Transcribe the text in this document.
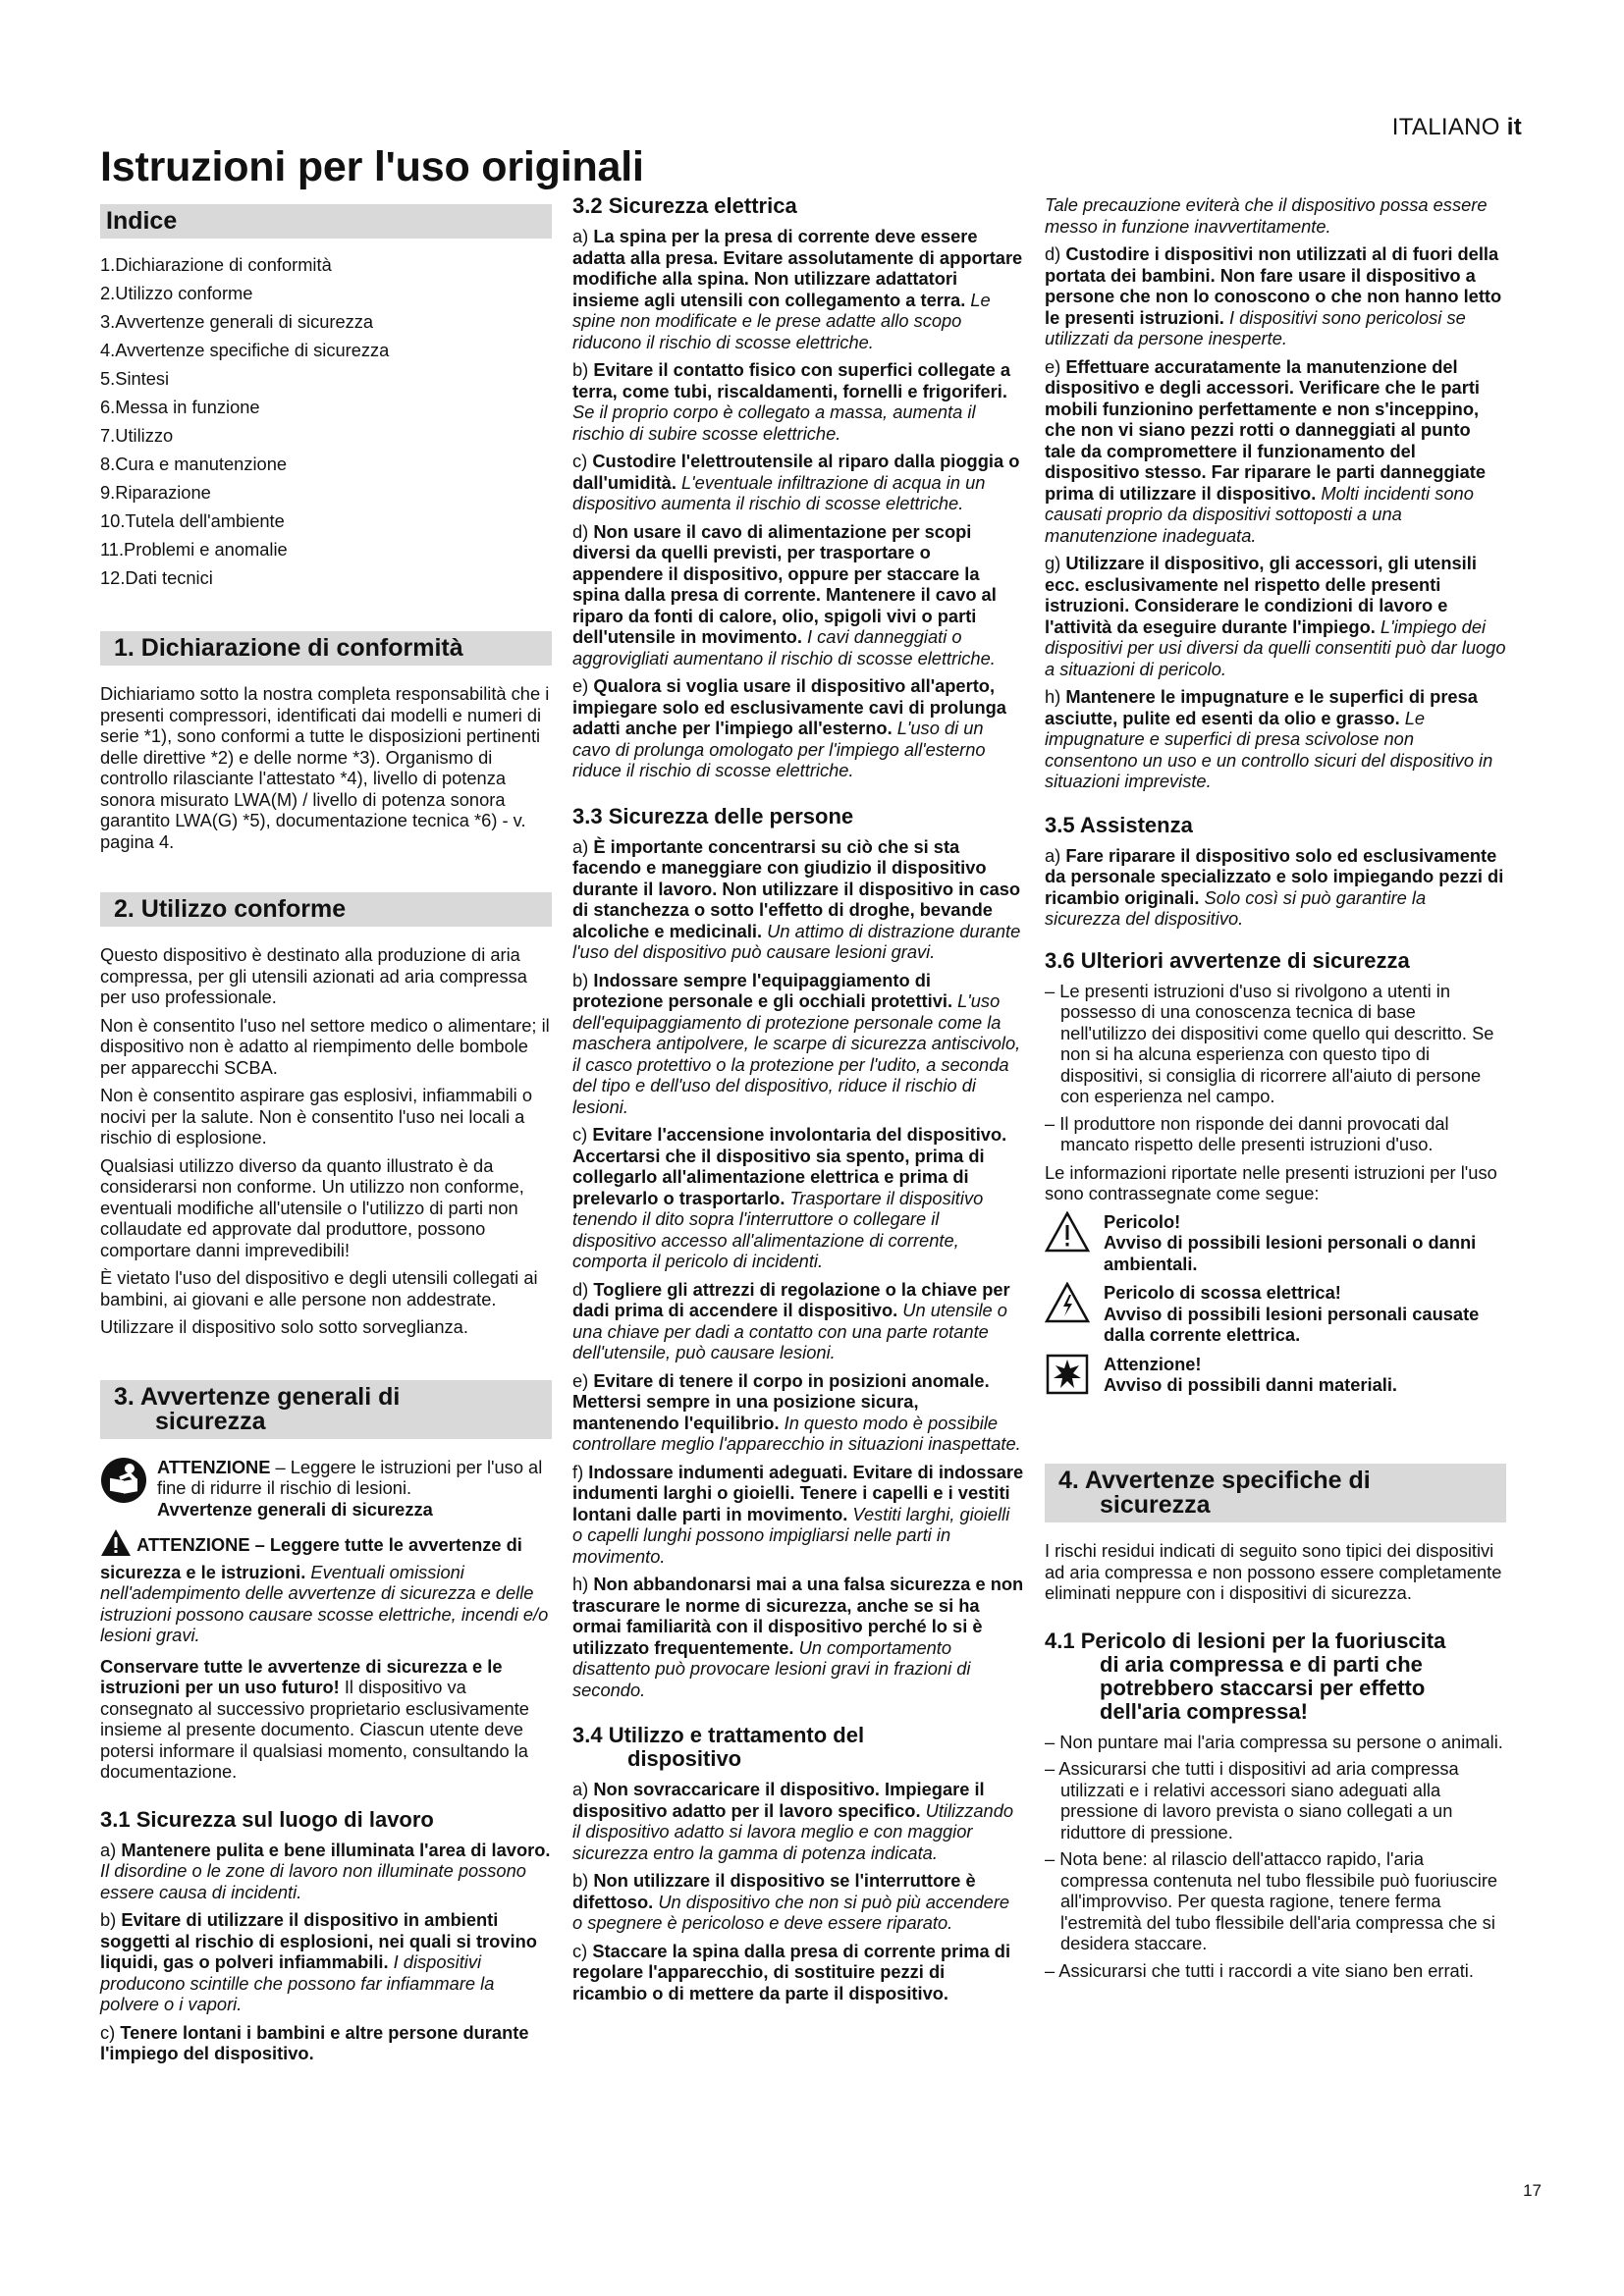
ITALIANO it
Istruzioni per l'uso originali
Indice
1.Dichiarazione di conformità
2.Utilizzo conforme
3.Avvertenze generali di sicurezza
4.Avvertenze specifiche di sicurezza
5.Sintesi
6.Messa in funzione
7.Utilizzo
8.Cura e manutenzione
9.Riparazione
10.Tutela dell'ambiente
11.Problemi e anomalie
12.Dati tecnici
1. Dichiarazione di conformità

Dichiariamo sotto la nostra completa responsabilità che i presenti compressori, identificati dai modelli e numeri di serie *1), sono conformi a tutte le disposizioni pertinenti delle direttive *2) e delle norme *3). Organismo di controllo rilasciante l'attestato *4), livello di potenza sonora misurato LWA(M) / livello di potenza sonora garantito LWA(G) *5), documentazione tecnica *6) - v. pagina 4.

2. Utilizzo conforme

Questo dispositivo è destinato alla produzione di aria compressa, per gli utensili azionati ad aria compressa per uso professionale.

Non è consentito l'uso nel settore medico o alimentare; il dispositivo non è adatto al riempimento delle bombole per apparecchi SCBA.

Non è consentito aspirare gas esplosivi, infiammabili o nocivi per la salute. Non è consentito l'uso nei locali a rischio di esplosione.

Qualsiasi utilizzo diverso da quanto illustrato è da considerarsi non conforme. Un utilizzo non conforme, eventuali modifiche all'utensile o l'utilizzo di parti non collaudate ed approvate dal produttore, possono comportare danni imprevedibili!

È vietato l'uso del dispositivo e degli utensili collegati ai bambini, ai giovani e alle persone non addestrate.

Utilizzare il dispositivo solo sotto sorveglianza.

3. Avvertenze generali di
sicurezza
ATTENZIONE – Leggere le istruzioni per l'uso al fine di ridurre il rischio di lesioni.
Avvertenze generali di sicurezza

ATTENZIONE – Leggere tutte le avvertenze di sicurezza e le istruzioni. Eventuali omissioni nell'adempimento delle avvertenze di sicurezza e delle istruzioni possono causare scosse elettriche, incendi e/o lesioni gravi.

Conservare tutte le avvertenze di sicurezza e le istruzioni per un uso futuro! Il dispositivo va consegnato al successivo proprietario esclusivamente insieme al presente documento. Ciascun utente deve potersi informare il qualsiasi momento, consultando la documentazione.

3.1 Sicurezza sul luogo di lavoro

a) Mantenere pulita e bene illuminata l'area di lavoro. Il disordine o le zone di lavoro non illuminate possono essere causa di incidenti.

b) Evitare di utilizzare il dispositivo in ambienti soggetti al rischio di esplosioni, nei quali si trovino liquidi, gas o polveri infiammabili. I dispositivi producono scintille che possono far infiammare la polvere o i vapori.

c) Tenere lontani i bambini e altre persone durante l'impiego del dispositivo.

3.2 Sicurezza elettrica

a) La spina per la presa di corrente deve essere adatta alla presa. Evitare assolutamente di apportare modifiche alla spina. Non utilizzare adattatori insieme agli utensili con collegamento a terra. Le spine non modificate e le prese adatte allo scopo riducono il rischio di scosse elettriche.

b) Evitare il contatto fisico con superfici collegate a terra, come tubi, riscaldamenti, fornelli e frigoriferi. Se il proprio corpo è collegato a massa, aumenta il rischio di subire scosse elettriche.

c) Custodire l'elettroutensile al riparo dalla pioggia o dall'umidità. L'eventuale infiltrazione di acqua in un dispositivo aumenta il rischio di scosse elettriche.

d) Non usare il cavo di alimentazione per scopi diversi da quelli previsti, per trasportare o appendere il dispositivo, oppure per staccare la spina dalla presa di corrente. Mantenere il cavo al riparo da fonti di calore, olio, spigoli vivi o parti dell'utensile in movimento. I cavi danneggiati o aggrovigliati aumentano il rischio di scosse elettriche.

e) Qualora si voglia usare il dispositivo all'aperto, impiegare solo ed esclusivamente cavi di prolunga adatti anche per l'impiego all'esterno. L'uso di un cavo di prolunga omologato per l'impiego all'esterno riduce il rischio di scosse elettriche.

3.3 Sicurezza delle persone

a) È importante concentrarsi su ciò che si sta facendo e maneggiare con giudizio il dispositivo durante il lavoro. Non utilizzare il dispositivo in caso di stanchezza o sotto l'effetto di droghe, bevande alcoliche e medicinali. Un attimo di distrazione durante l'uso del dispositivo può causare lesioni gravi.

b) Indossare sempre l'equipaggiamento di protezione personale e gli occhiali protettivi. L'uso dell'equipaggiamento di protezione personale come la maschera antipolvere, le scarpe di sicurezza antiscivolo, il casco protettivo o la protezione per l'udito, a seconda del tipo e dell'uso del dispositivo, riduce il rischio di lesioni.

c) Evitare l'accensione involontaria del dispositivo. Accertarsi che il dispositivo sia spento, prima di collegarlo all'alimentazione elettrica e prima di prelevarlo o trasportarlo. Trasportare il dispositivo tenendo il dito sopra l'interruttore o collegare il dispositivo accesso all'alimentazione di corrente, comporta il pericolo di incidenti.

d) Togliere gli attrezzi di regolazione o la chiave per dadi prima di accendere il dispositivo. Un utensile o una chiave per dadi a contatto con una parte rotante dell'utensile, può causare lesioni.

e) Evitare di tenere il corpo in posizioni anomale. Mettersi sempre in una posizione sicura, mantenendo l'equilibrio. In questo modo è possibile controllare meglio l'apparecchio in situazioni inaspettate.

f) Indossare indumenti adeguati. Evitare di indossare indumenti larghi o gioielli. Tenere i capelli e i vestiti lontani dalle parti in movimento. Vestiti larghi, gioielli o capelli lunghi possono impigliarsi nelle parti in movimento.

h) Non abbandonarsi mai a una falsa sicurezza e non trascurare le norme di sicurezza, anche se si ha ormai familiarità con il dispositivo perché lo si è utilizzato frequentemente. Un comportamento disattento può provocare lesioni gravi in frazioni di secondo.

3.4 Utilizzo e trattamento del
dispositivo

a) Non sovraccaricare il dispositivo. Impiegare il dispositivo adatto per il lavoro specifico. Utilizzando il dispositivo adatto si lavora meglio e con maggior sicurezza entro la gamma di potenza indicata.

b) Non utilizzare il dispositivo se l'interruttore è difettoso. Un dispositivo che non si può più accendere o spegnere è pericoloso e deve essere riparato.

c) Staccare la spina dalla presa di corrente prima di regolare l'apparecchio, di sostituire pezzi di ricambio o di mettere da parte il dispositivo.

Tale precauzione eviterà che il dispositivo possa essere messo in funzione inavvertitamente.

d) Custodire i dispositivi non utilizzati al di fuori della portata dei bambini. Non fare usare il dispositivo a persone che non lo conoscono o che non hanno letto le presenti istruzioni. I dispositivi sono pericolosi se utilizzati da persone inesperte.

e) Effettuare accuratamente la manutenzione del dispositivo e degli accessori. Verificare che le parti mobili funzionino perfettamente e non s'inceppino, che non vi siano pezzi rotti o danneggiati al punto tale da compromettere il funzionamento del dispositivo stesso. Far riparare le parti danneggiate prima di utilizzare il dispositivo. Molti incidenti sono causati proprio da dispositivi sottoposti a una manutenzione inadeguata.

g) Utilizzare il dispositivo, gli accessori, gli utensili ecc. esclusivamente nel rispetto delle presenti istruzioni. Considerare le condizioni di lavoro e l'attività da eseguire durante l'impiego. L'impiego dei dispositivi per usi diversi da quelli consentiti può dar luogo a situazioni di pericolo.

h) Mantenere le impugnature e le superfici di presa asciutte, pulite ed esenti da olio e grasso. Le impugnature e superfici di presa scivolose non consentono un uso e un controllo sicuri del dispositivo in situazioni impreviste.

3.5 Assistenza

a) Fare riparare il dispositivo solo ed esclusivamente da personale specializzato e solo impiegando pezzi di ricambio originali. Solo così si può garantire la sicurezza del dispositivo.

3.6 Ulteriori avvertenze di sicurezza
– Le presenti istruzioni d'uso si rivolgono a utenti in possesso di una conoscenza tecnica di base nell'utilizzo dei dispositivi come quello qui descritto. Se non si ha alcuna esperienza con questo tipo di dispositivi, si consiglia di ricorrere all'aiuto di persone con esperienza nel campo.
– Il produttore non risponde dei danni provocati dal mancato rispetto delle presenti istruzioni d'uso.

Le informazioni riportate nelle presenti istruzioni per l'uso sono contrassegnate come segue:

Pericolo!
Avviso di possibili lesioni personali o danni ambientali.
Pericolo di scossa elettrica!
Avviso di possibili lesioni personali causate dalla corrente elettrica.
Attenzione!
Avviso di possibili danni materiali.
4. Avvertenze specifiche di
sicurezza

I rischi residui indicati di seguito sono tipici dei dispositivi ad aria compressa e non possono essere completamente eliminati neppure con i dispositivi di sicurezza.

4.1 Pericolo di lesioni per la fuoriuscita
di aria compressa e di parti che
potrebbero staccarsi per effetto
dell'aria compressa!
– Non puntare mai l'aria compressa su persone o animali.
– Assicurarsi che tutti i dispositivi ad aria compressa utilizzati e i relativi accessori siano adeguati alla pressione di lavoro prevista o siano collegati a un riduttore di pressione.
– Nota bene: al rilascio dell'attacco rapido, l'aria compressa contenuta nel tubo flessibile può fuoriuscire all'improvviso. Per questa ragione, tenere ferma l'estremità del tubo flessibile dell'aria compressa che si desidera staccare.
– Assicurarsi che tutti i raccordi a vite siano ben errati.
17
